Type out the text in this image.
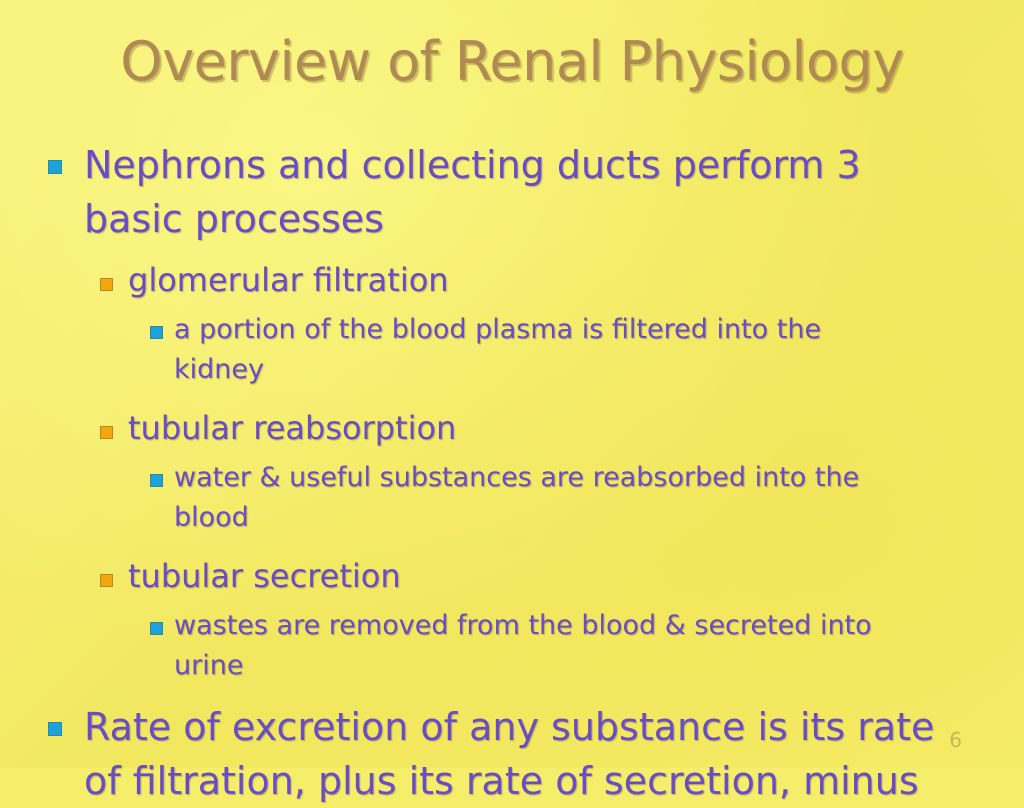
Overview of Renal Physiology
Nephrons and collecting ducts perform 3
basic processes
glomerular filtration
a portion of the blood plasma is filtered into the
kidney
tubular reabsorption
water & useful substances are reabsorbed into the
blood
tubular secretion
wastes are removed from the blood & secreted into
urine
Rate of excretion of any substance is its rate
of filtration, plus its rate of secretion, minus
6
